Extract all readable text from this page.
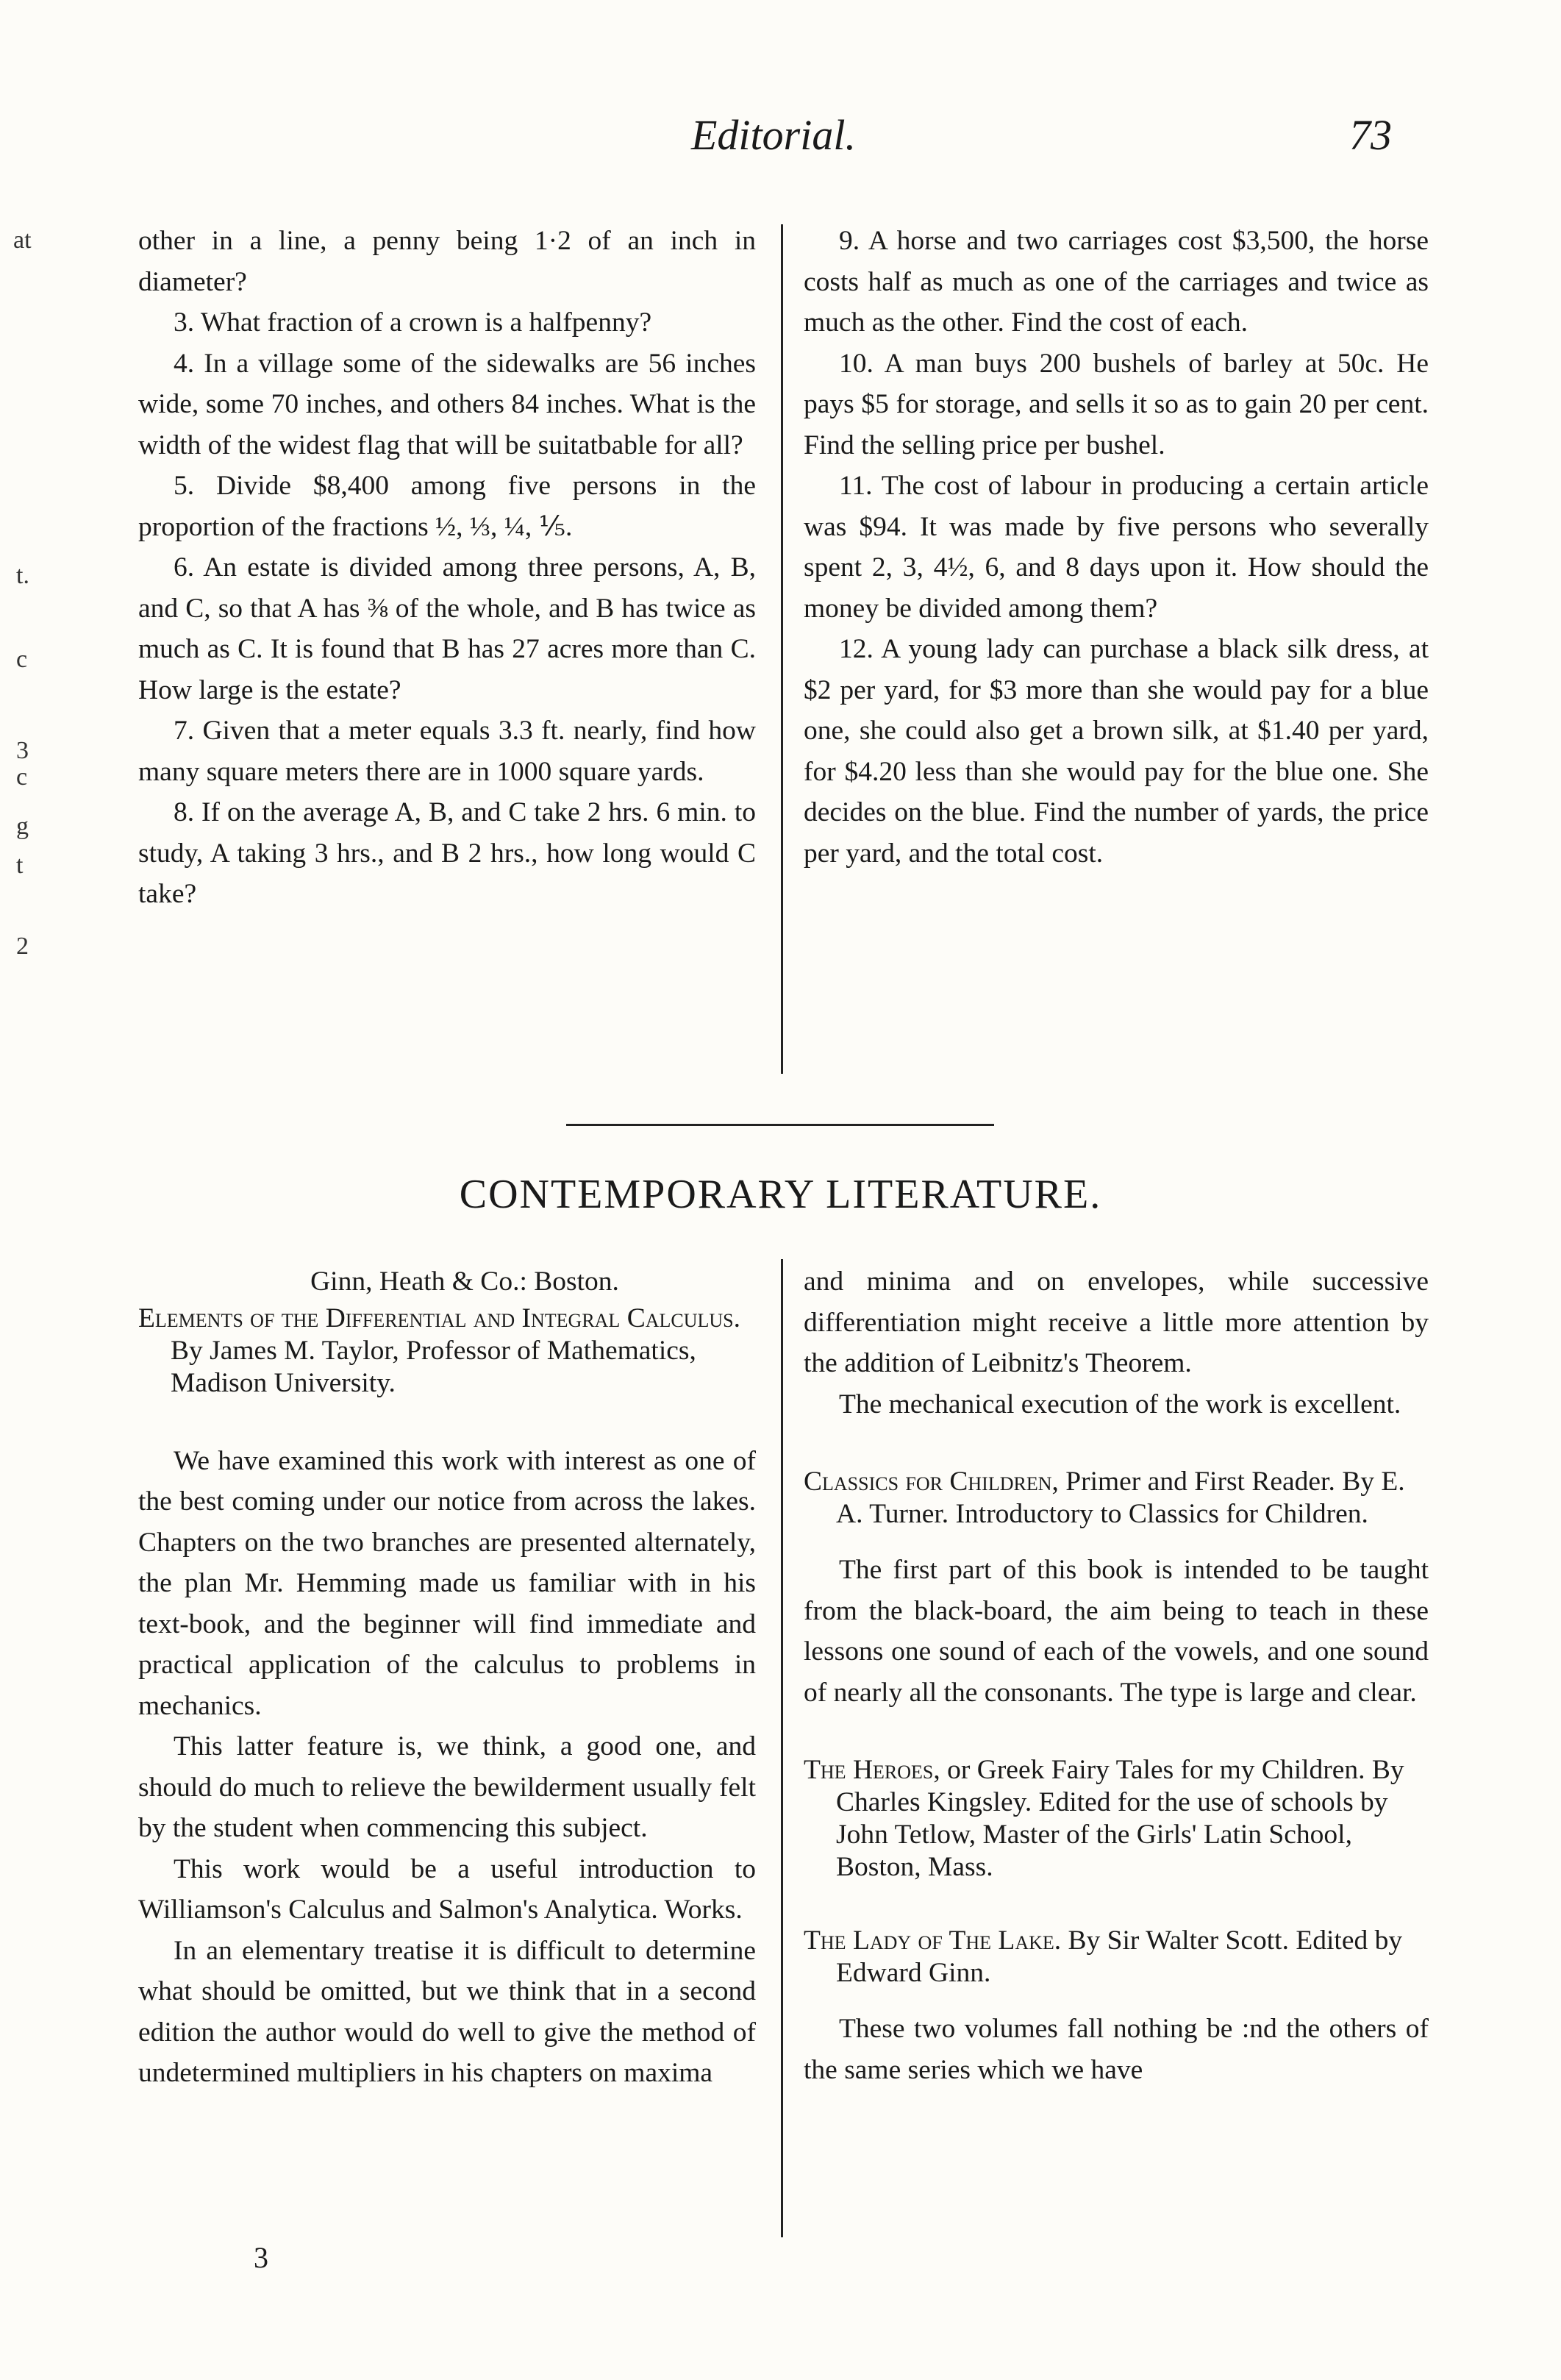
Editorial.	73
at
t.
c
3
c
g
t
2

other in a line, a penny being 1·2 of an inch in diameter?

3. What fraction of a crown is a halfpenny?

4. In a village some of the sidewalks are 56 inches wide, some 70 inches, and others 84 inches. What is the width of the widest flag that will be suitatbable for all?

5. Divide $8,400 among five persons in the proportion of the fractions ½, ⅓, ¼, ⅕.

6. An estate is divided among three persons, A, B, and C, so that A has ⅜ of the whole, and B has twice as much as C. It is found that B has 27 acres more than C. How large is the estate?

7. Given that a meter equals 3.3 ft. nearly, find how many square meters there are in 1000 square yards.

8. If on the average A, B, and C take 2 hrs. 6 min. to study, A taking 3 hrs., and B 2 hrs., how long would C take?

9. A horse and two carriages cost $3,500, the horse costs half as much as one of the carriages and twice as much as the other. Find the cost of each.

10. A man buys 200 bushels of barley at 50c. He pays $5 for storage, and sells it so as to gain 20 per cent. Find the selling price per bushel.

11. The cost of labour in producing a certain article was $94. It was made by five persons who severally spent 2, 3, 4½, 6, and 8 days upon it. How should the money be divided among them?

12. A young lady can purchase a black silk dress, at $2 per yard, for $3 more than she would pay for a blue one, she could also get a brown silk, at $1.40 per yard, for $4.20 less than she would pay for the blue one. She decides on the blue. Find the number of yards, the price per yard, and the total cost.

CONTEMPORARY LITERATURE.

Ginn, Heath & Co.: Boston.

Elements of the Differential and Integral Calculus. By James M. Taylor, Professor of Mathematics, Madison University.

We have examined this work with interest as one of the best coming under our notice from across the lakes. Chapters on the two branches are presented alternately, the plan Mr. Hemming made us familiar with in his text-book, and the beginner will find immediate and practical application of the calculus to problems in mechanics.

This latter feature is, we think, a good one, and should do much to relieve the bewilderment usually felt by the student when commencing this subject.

This work would be a useful introduction to Williamson's Calculus and Salmon's Analytica. Works.

In an elementary treatise it is difficult to determine what should be omitted, but we think that in a second edition the author would do well to give the method of undetermined multipliers in his chapters on maxima

and minima and on envelopes, while successive differentiation might receive a little more attention by the addition of Leibnitz's Theorem.

The mechanical execution of the work is excellent.

Classics for Children, Primer and First Reader. By E. A. Turner. Introductory to Classics for Children.

The first part of this book is intended to be taught from the black-board, the aim being to teach in these lessons one sound of each of the vowels, and one sound of nearly all the consonants. The type is large and clear.

The Heroes, or Greek Fairy Tales for my Children. By Charles Kingsley. Edited for the use of schools by John Tetlow, Master of the Girls' Latin School, Boston, Mass.
The Lady of The Lake. By Sir Walter Scott. Edited by Edward Ginn.

These two volumes fall nothing be :nd the others of the same series which we have

3
